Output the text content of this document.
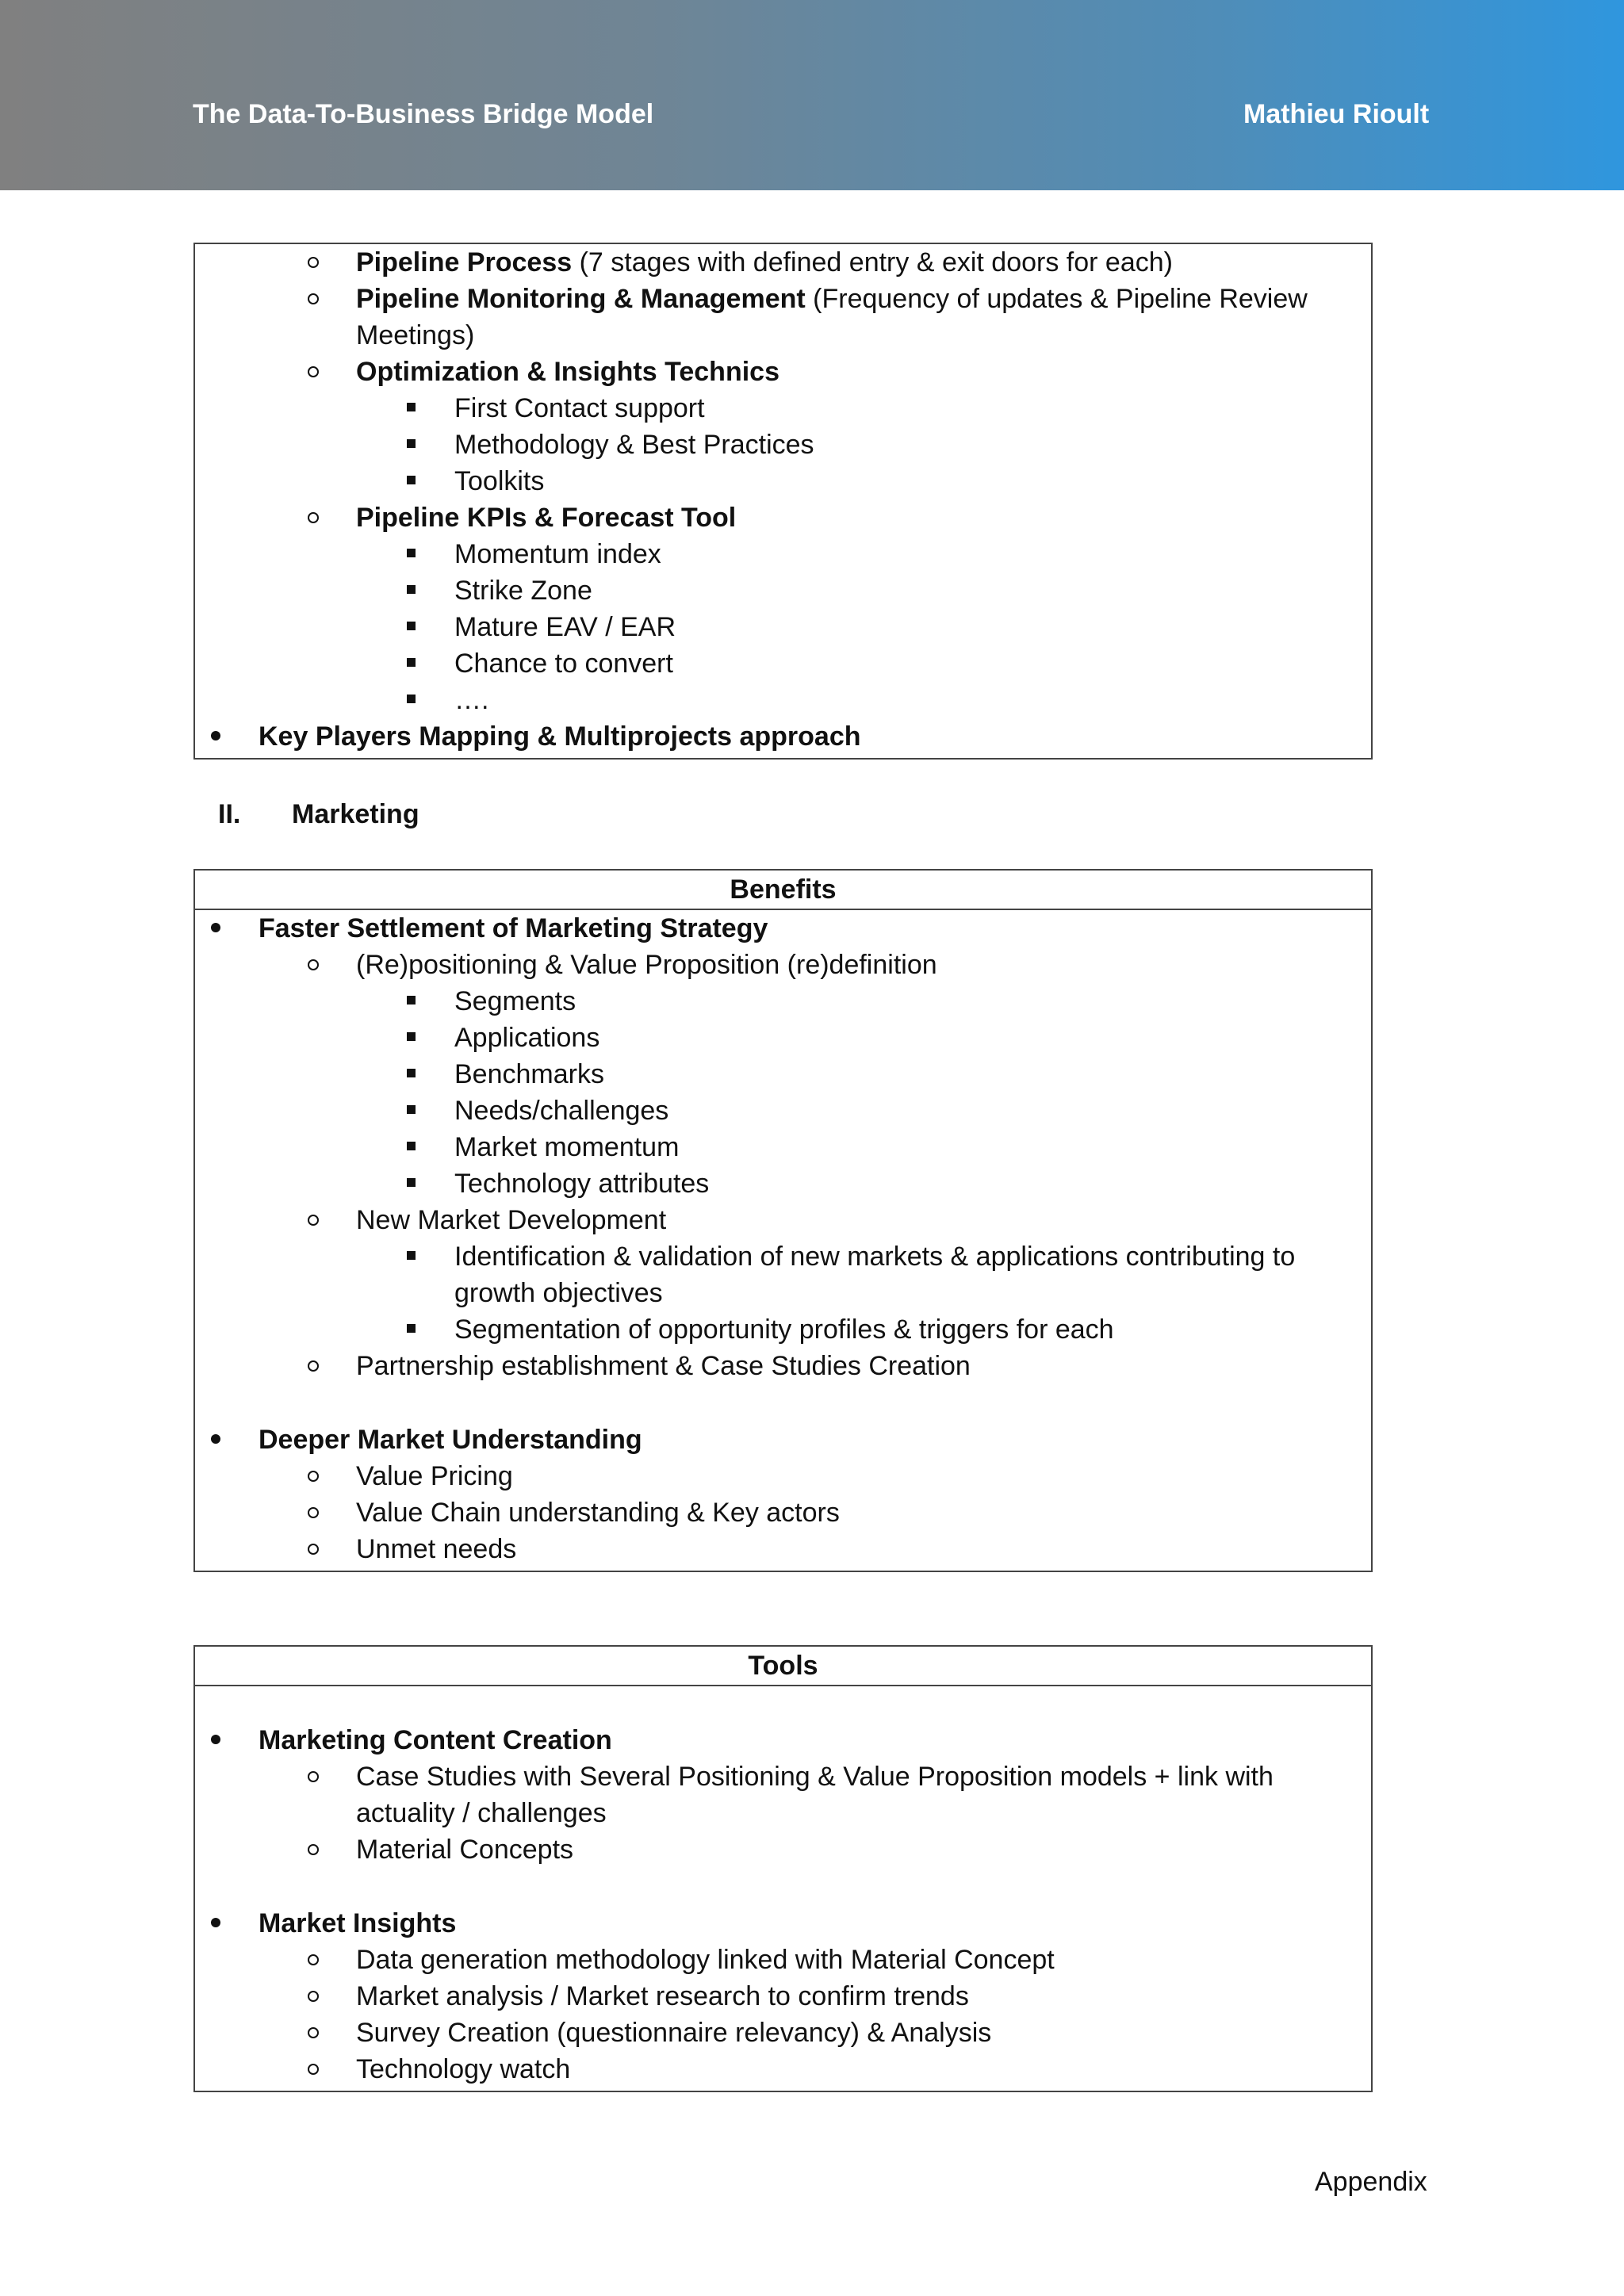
The Data-To-Business Bridge Model	Mathieu Rioult
Pipeline Process (7 stages with defined entry & exit doors for each)
Pipeline Monitoring & Management (Frequency of updates & Pipeline Review
Meetings)
Optimization & Insights Technics
First Contact support
Methodology & Best Practices
Toolkits
Pipeline KPIs & Forecast Tool
Momentum index
Strike Zone
Mature EAV / EAR
Chance to convert
….
Key Players Mapping & Multiprojects approach
II. Marketing
Benefits
Faster Settlement of Marketing Strategy
(Re)positioning & Value Proposition (re)definition
Segments
Applications
Benchmarks
Needs/challenges
Market momentum
Technology attributes
New Market Development
Identification & validation of new markets & applications contributing to
growth objectives
Segmentation of opportunity profiles & triggers for each
Partnership establishment & Case Studies Creation
Deeper Market Understanding
Value Pricing
Value Chain understanding & Key actors
Unmet needs
Tools
Marketing Content Creation
Case Studies with Several Positioning & Value Proposition models + link with
actuality / challenges
Material Concepts
Market Insights
Data generation methodology linked with Material Concept
Market analysis / Market research to confirm trends
Survey Creation (questionnaire relevancy) & Analysis
Technology watch
Appendix
